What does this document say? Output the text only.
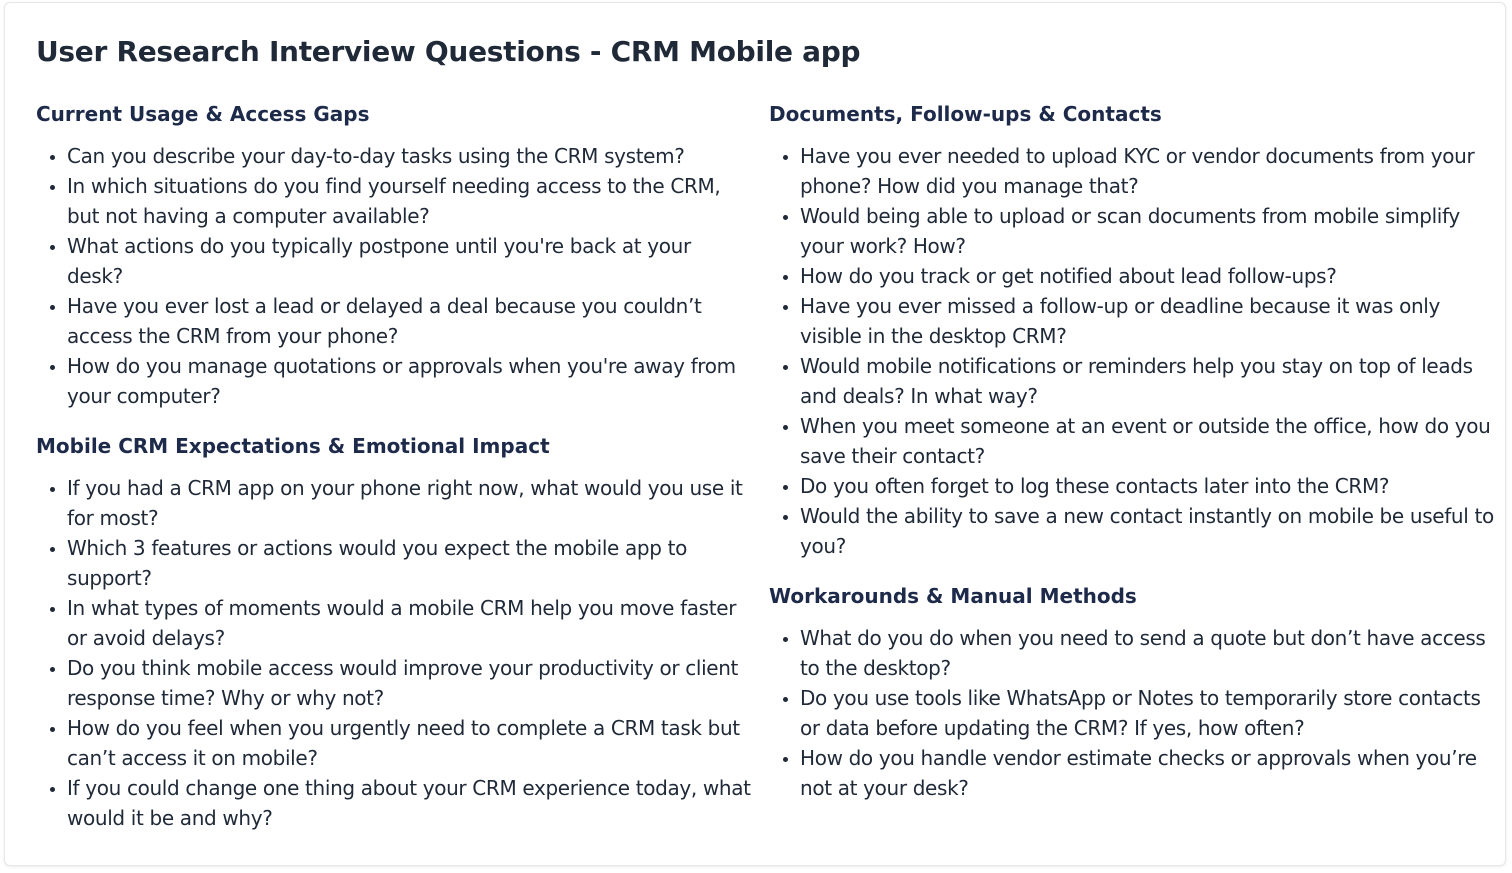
User Research Interview Questions - CRM Mobile app
Current Usage & Access Gaps
• Can you describe your day-to-day tasks using the CRM system?
• In which situations do you find yourself needing access to the CRM, but not having a computer available?
• What actions do you typically postpone until you're back at your desk?
• Have you ever lost a lead or delayed a deal because you couldn’t access the CRM from your phone?
• How do you manage quotations or approvals when you're away from your computer?
Mobile CRM Expectations & Emotional Impact
• If you had a CRM app on your phone right now, what would you use it for most?
• Which 3 features or actions would you expect the mobile app to support?
• In what types of moments would a mobile CRM help you move faster or avoid delays?
• Do you think mobile access would improve your productivity or client response time? Why or why not?
• How do you feel when you urgently need to complete a CRM task but can’t access it on mobile?
• If you could change one thing about your CRM experience today, what would it be and why?
Documents, Follow-ups & Contacts
• Have you ever needed to upload KYC or vendor documents from your phone? How did you manage that?
• Would being able to upload or scan documents from mobile simplify your work? How?
• How do you track or get notified about lead follow-ups?
• Have you ever missed a follow-up or deadline because it was only visible in the desktop CRM?
• Would mobile notifications or reminders help you stay on top of leads and deals? In what way?
• When you meet someone at an event or outside the office, how do you save their contact?
• Do you often forget to log these contacts later into the CRM?
• Would the ability to save a new contact instantly on mobile be useful to you?
Workarounds & Manual Methods
• What do you do when you need to send a quote but don’t have access to the desktop?
• Do you use tools like WhatsApp or Notes to temporarily store contacts or data before updating the CRM? If yes, how often?
• How do you handle vendor estimate checks or approvals when you’re not at your desk?
